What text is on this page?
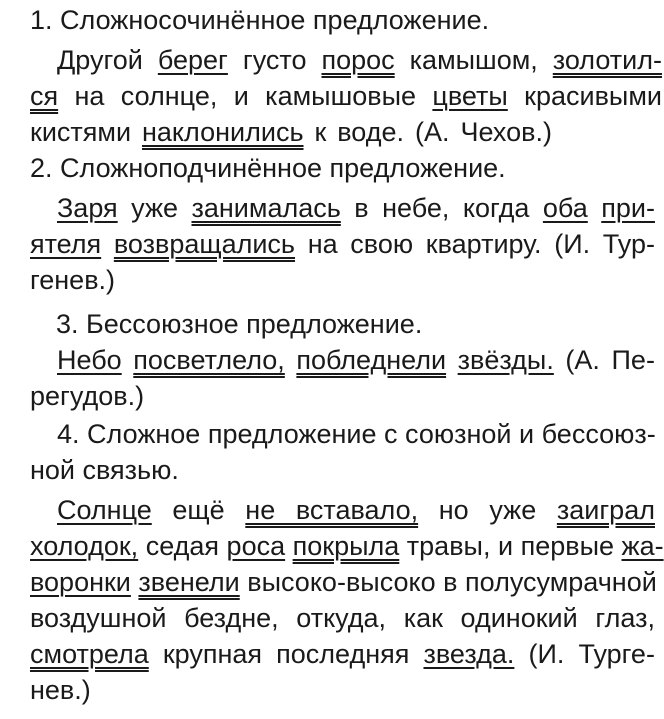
1. Сложносочинённое предложение.
Другой берег густо порос камышом, золотил-
ся на солнце, и камышовые цветы красивыми
кистями наклонились к воде. (А. Чехов.)
2. Сложноподчинённое предложение.
Заря уже занималась в небе, когда оба при-
ятеля возвращались на свою квартиру. (И. Тур-
генев.)
3. Бессоюзное предложение.
Небо посветлело, побледнели звёзды. (А. Пе-
регудов.)
4. Сложное предложение с союзной и бессоюз-
ной связью.
Солнце ещё не вставало, но уже заиграл
холодок, седая роса покрыла травы, и первые жа-
воронки звенели высоко-высоко в полусумрачной
воздушной бездне, откуда, как одинокий глаз,
смотрела крупная последняя звезда. (И. Турге-
нев.)
